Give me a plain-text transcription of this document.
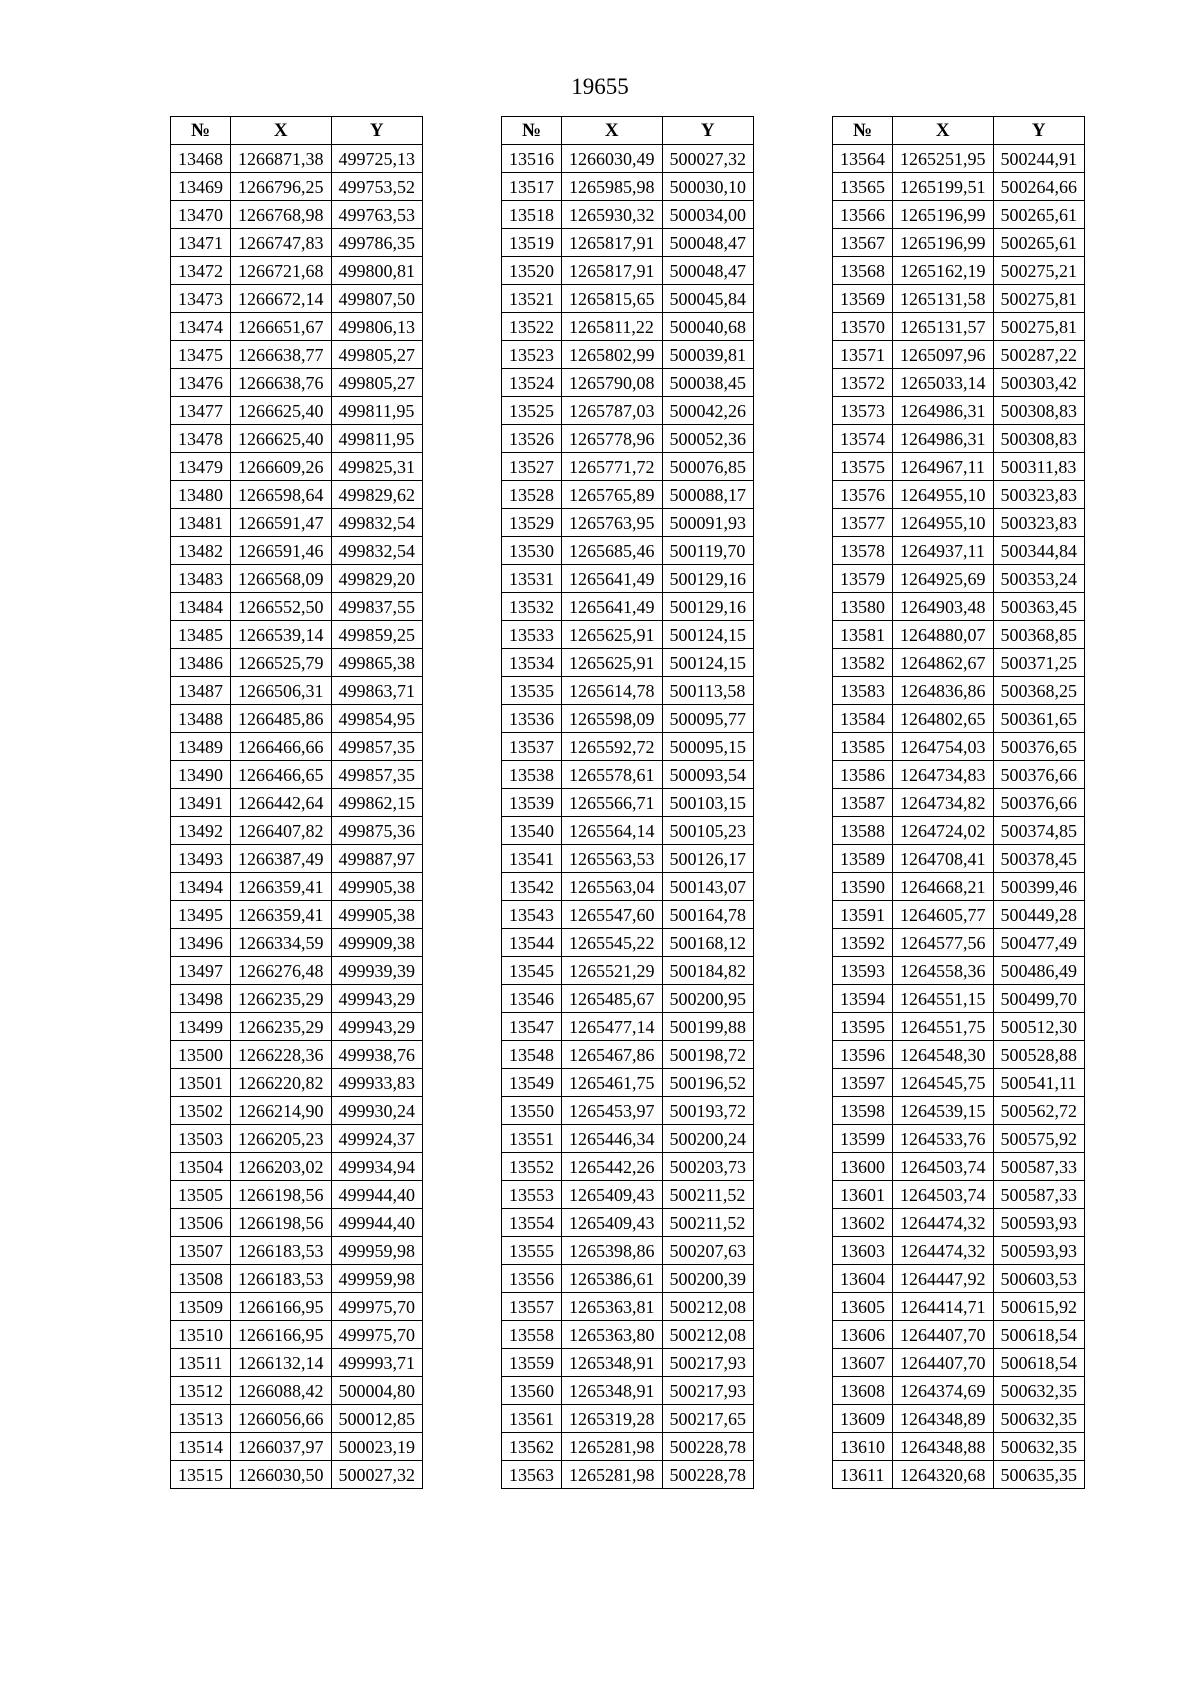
19655
№	X	Y
13468	1266871,38	499725,13
13469	1266796,25	499753,52
13470	1266768,98	499763,53
13471	1266747,83	499786,35
13472	1266721,68	499800,81
13473	1266672,14	499807,50
13474	1266651,67	499806,13
13475	1266638,77	499805,27
13476	1266638,76	499805,27
13477	1266625,40	499811,95
13478	1266625,40	499811,95
13479	1266609,26	499825,31
13480	1266598,64	499829,62
13481	1266591,47	499832,54
13482	1266591,46	499832,54
13483	1266568,09	499829,20
13484	1266552,50	499837,55
13485	1266539,14	499859,25
13486	1266525,79	499865,38
13487	1266506,31	499863,71
13488	1266485,86	499854,95
13489	1266466,66	499857,35
13490	1266466,65	499857,35
13491	1266442,64	499862,15
13492	1266407,82	499875,36
13493	1266387,49	499887,97
13494	1266359,41	499905,38
13495	1266359,41	499905,38
13496	1266334,59	499909,38
13497	1266276,48	499939,39
13498	1266235,29	499943,29
13499	1266235,29	499943,29
13500	1266228,36	499938,76
13501	1266220,82	499933,83
13502	1266214,90	499930,24
13503	1266205,23	499924,37
13504	1266203,02	499934,94
13505	1266198,56	499944,40
13506	1266198,56	499944,40
13507	1266183,53	499959,98
13508	1266183,53	499959,98
13509	1266166,95	499975,70
13510	1266166,95	499975,70
13511	1266132,14	499993,71
13512	1266088,42	500004,80
13513	1266056,66	500012,85
13514	1266037,97	500023,19
13515	1266030,50	500027,32
№	X	Y
13516	1266030,49	500027,32
13517	1265985,98	500030,10
13518	1265930,32	500034,00
13519	1265817,91	500048,47
13520	1265817,91	500048,47
13521	1265815,65	500045,84
13522	1265811,22	500040,68
13523	1265802,99	500039,81
13524	1265790,08	500038,45
13525	1265787,03	500042,26
13526	1265778,96	500052,36
13527	1265771,72	500076,85
13528	1265765,89	500088,17
13529	1265763,95	500091,93
13530	1265685,46	500119,70
13531	1265641,49	500129,16
13532	1265641,49	500129,16
13533	1265625,91	500124,15
13534	1265625,91	500124,15
13535	1265614,78	500113,58
13536	1265598,09	500095,77
13537	1265592,72	500095,15
13538	1265578,61	500093,54
13539	1265566,71	500103,15
13540	1265564,14	500105,23
13541	1265563,53	500126,17
13542	1265563,04	500143,07
13543	1265547,60	500164,78
13544	1265545,22	500168,12
13545	1265521,29	500184,82
13546	1265485,67	500200,95
13547	1265477,14	500199,88
13548	1265467,86	500198,72
13549	1265461,75	500196,52
13550	1265453,97	500193,72
13551	1265446,34	500200,24
13552	1265442,26	500203,73
13553	1265409,43	500211,52
13554	1265409,43	500211,52
13555	1265398,86	500207,63
13556	1265386,61	500200,39
13557	1265363,81	500212,08
13558	1265363,80	500212,08
13559	1265348,91	500217,93
13560	1265348,91	500217,93
13561	1265319,28	500217,65
13562	1265281,98	500228,78
13563	1265281,98	500228,78
№	X	Y
13564	1265251,95	500244,91
13565	1265199,51	500264,66
13566	1265196,99	500265,61
13567	1265196,99	500265,61
13568	1265162,19	500275,21
13569	1265131,58	500275,81
13570	1265131,57	500275,81
13571	1265097,96	500287,22
13572	1265033,14	500303,42
13573	1264986,31	500308,83
13574	1264986,31	500308,83
13575	1264967,11	500311,83
13576	1264955,10	500323,83
13577	1264955,10	500323,83
13578	1264937,11	500344,84
13579	1264925,69	500353,24
13580	1264903,48	500363,45
13581	1264880,07	500368,85
13582	1264862,67	500371,25
13583	1264836,86	500368,25
13584	1264802,65	500361,65
13585	1264754,03	500376,65
13586	1264734,83	500376,66
13587	1264734,82	500376,66
13588	1264724,02	500374,85
13589	1264708,41	500378,45
13590	1264668,21	500399,46
13591	1264605,77	500449,28
13592	1264577,56	500477,49
13593	1264558,36	500486,49
13594	1264551,15	500499,70
13595	1264551,75	500512,30
13596	1264548,30	500528,88
13597	1264545,75	500541,11
13598	1264539,15	500562,72
13599	1264533,76	500575,92
13600	1264503,74	500587,33
13601	1264503,74	500587,33
13602	1264474,32	500593,93
13603	1264474,32	500593,93
13604	1264447,92	500603,53
13605	1264414,71	500615,92
13606	1264407,70	500618,54
13607	1264407,70	500618,54
13608	1264374,69	500632,35
13609	1264348,89	500632,35
13610	1264348,88	500632,35
13611	1264320,68	500635,35
